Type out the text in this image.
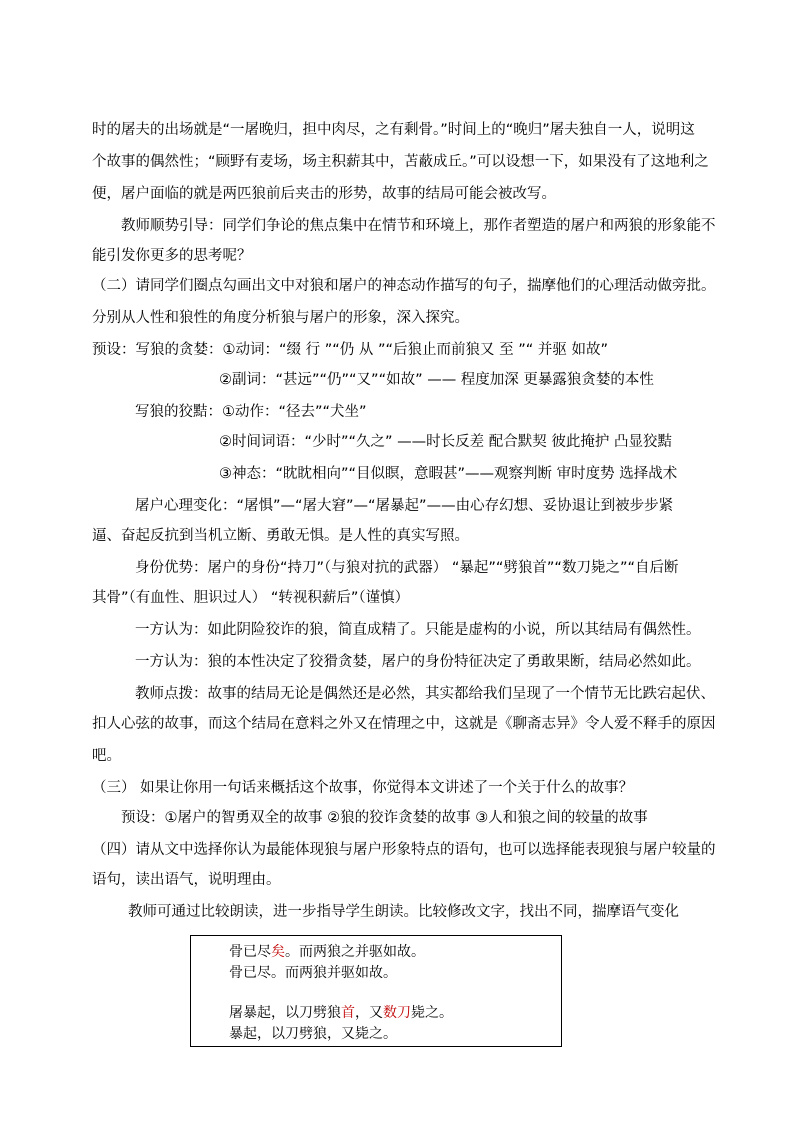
时的屠夫的出场就是“一屠晚归，担中肉尽，之有剩骨。”时间上的“晚归”屠夫独自一人，说明这
个故事的偶然性；“顾野有麦场，场主积薪其中，苫蔽成丘。”可以设想一下，如果没有了这地利之
便，屠户面临的就是两匹狼前后夹击的形势，故事的结局可能会被改写。
教师顺势引导：同学们争论的焦点集中在情节和环境上，那作者塑造的屠户和两狼的形象能不
能引发你更多的思考呢？
（二）请同学们圈点勾画出文中对狼和屠户的神态动作描写的句子，揣摩他们的心理活动做旁批。
分别从人性和狼性的角度分析狼与屠户的形象，深入探究。
预设：写狼的贪婪：①动词：“缀 行 ”“仍 从 ”“后狼止而前狼又 至 ”“ 并驱 如故”
②副词：“甚远”“仍”“又”“如故” —— 程度加深 更暴露狼贪婪的本性
写狼的狡黠：①动作：“径去”“犬坐”
②时间词语：“少时”“久之” ——时长反差 配合默契 彼此掩护 凸显狡黠
③神态：“眈眈相向”“目似瞑，意暇甚”——观察判断 审时度势 选择战术
屠户心理变化：“屠惧”—“屠大窘”—“屠暴起”——由心存幻想、妥协退让到被步步紧
逼、奋起反抗到当机立断、勇敢无惧。是人性的真实写照。
身份优势：屠户的身份“持刀”（与狼对抗的武器） “暴起”“劈狼首”“数刀毙之”“自后断
其骨”（有血性、胆识过人） “转视积薪后”（谨慎）
一方认为：如此阴险狡诈的狼，简直成精了。只能是虚构的小说，所以其结局有偶然性。
一方认为：狼的本性决定了狡猾贪婪，屠户的身份特征决定了勇敢果断，结局必然如此。
教师点拨：故事的结局无论是偶然还是必然，其实都给我们呈现了一个情节无比跌宕起伏、
扣人心弦的故事，而这个结局在意料之外又在情理之中，这就是《聊斋志异》令人爱不释手的原因
吧。
（三） 如果让你用一句话来概括这个故事，你觉得本文讲述了一个关于什么的故事？
预设：①屠户的智勇双全的故事 ②狼的狡诈贪婪的故事 ③人和狼之间的较量的故事
（四）请从文中选择你认为最能体现狼与屠户形象特点的语句，也可以选择能表现狼与屠户较量的
语句，读出语气，说明理由。
教师可通过比较朗读，进一步指导学生朗读。比较修改文字，找出不同，揣摩语气变化
骨已尽矣。而两狼之并驱如故。
骨已尽。而两狼并驱如故。
屠暴起，以刀劈狼首，又数刀毙之。
暴起，以刀劈狼，又毙之。
